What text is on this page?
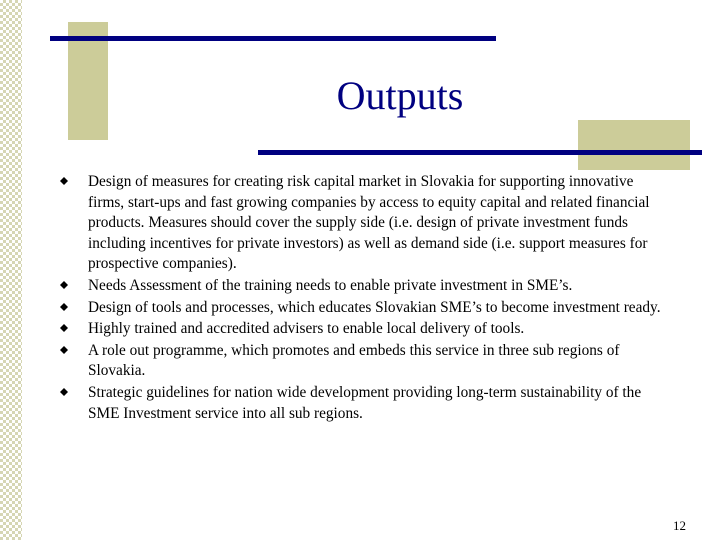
Outputs
Design of measures for creating risk capital market in Slovakia for supporting innovative firms, start-ups and fast growing companies by access to equity capital and related financial products. Measures should cover the supply side (i.e. design of private investment funds including incentives for private investors) as well as demand side (i.e. support measures for prospective companies).
Needs Assessment of the training needs to enable private investment in SME’s.
Design of tools and processes, which educates Slovakian SME’s to become investment ready.
Highly trained and accredited advisers to enable local delivery of tools.
A role out programme, which promotes and embeds this service in three sub regions of Slovakia.
Strategic guidelines for nation wide development providing long-term sustainability of the SME Investment service into all sub regions.
12
